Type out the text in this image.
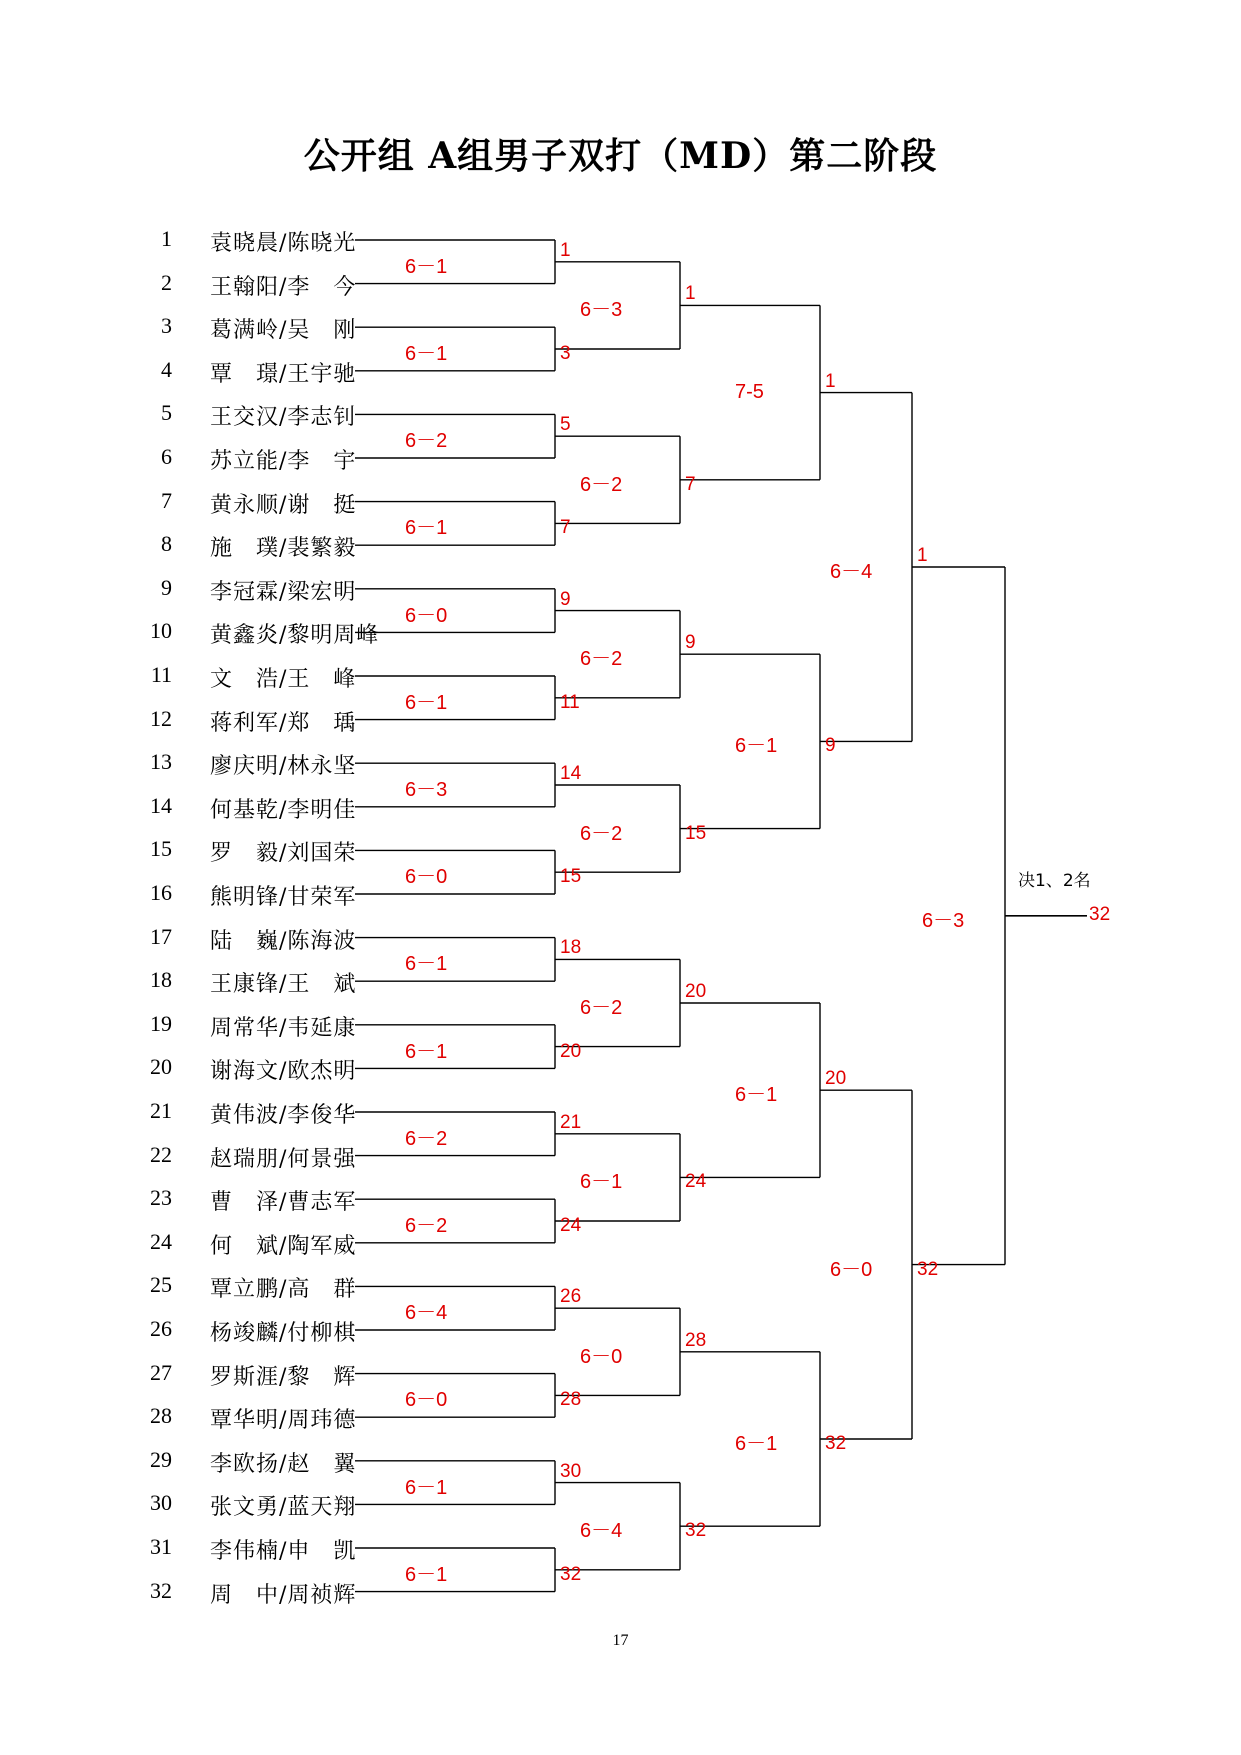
公开组 A组男子双打（MD）第二阶段
1 袁晓晨/陈晓光
2 王翰阳/李　今
3 葛满岭/吴　刚
4 覃　璟/王宇驰
5 王交汉/李志钊
6 苏立能/李　宇
7 黄永顺/谢　挺
8 施　璞/裴繁毅
9 李冠霖/梁宏明
10 黄鑫炎/黎明周峰
11 文　浩/王　峰
12 蒋利军/郑　瑀
13 廖庆明/林永坚
14 何基乾/李明佳
15 罗　毅/刘国荣
16 熊明锋/甘荣军
17 陆　巍/陈海波
18 王康锋/王　斌
19 周常华/韦延康
20 谢海文/欧杰明
21 黄伟波/李俊华
22 赵瑞朋/何景强
23 曹　泽/曹志军
24 何　斌/陶军威
25 覃立鹏/高　群
26 杨竣麟/付柳棋
27 罗斯涯/黎　辉
28 覃华明/周玮德
29 李欧扬/赵　翼
30 张文勇/蓝天翔
31 李伟楠/申　凯
32 周　中/周祯辉
6－1
6－1
6－2
6－1
6－0
6－1
6－3
6－0
6－1
6－1
6－2
6－2
6－4
6－0
6－1
6－1
6－3
6－2
6－2
6－2
6－2
6－1
6－0
6－4
7-5
6－1
6－1
6－1
6－4
6－0
6－3
1
3
5
7
9
11
14
15
18
20
21
24
26
28
30
32
1
7
9
15
20
24
28
32
1
9
20
32
1
32
32
决1、2名
17
